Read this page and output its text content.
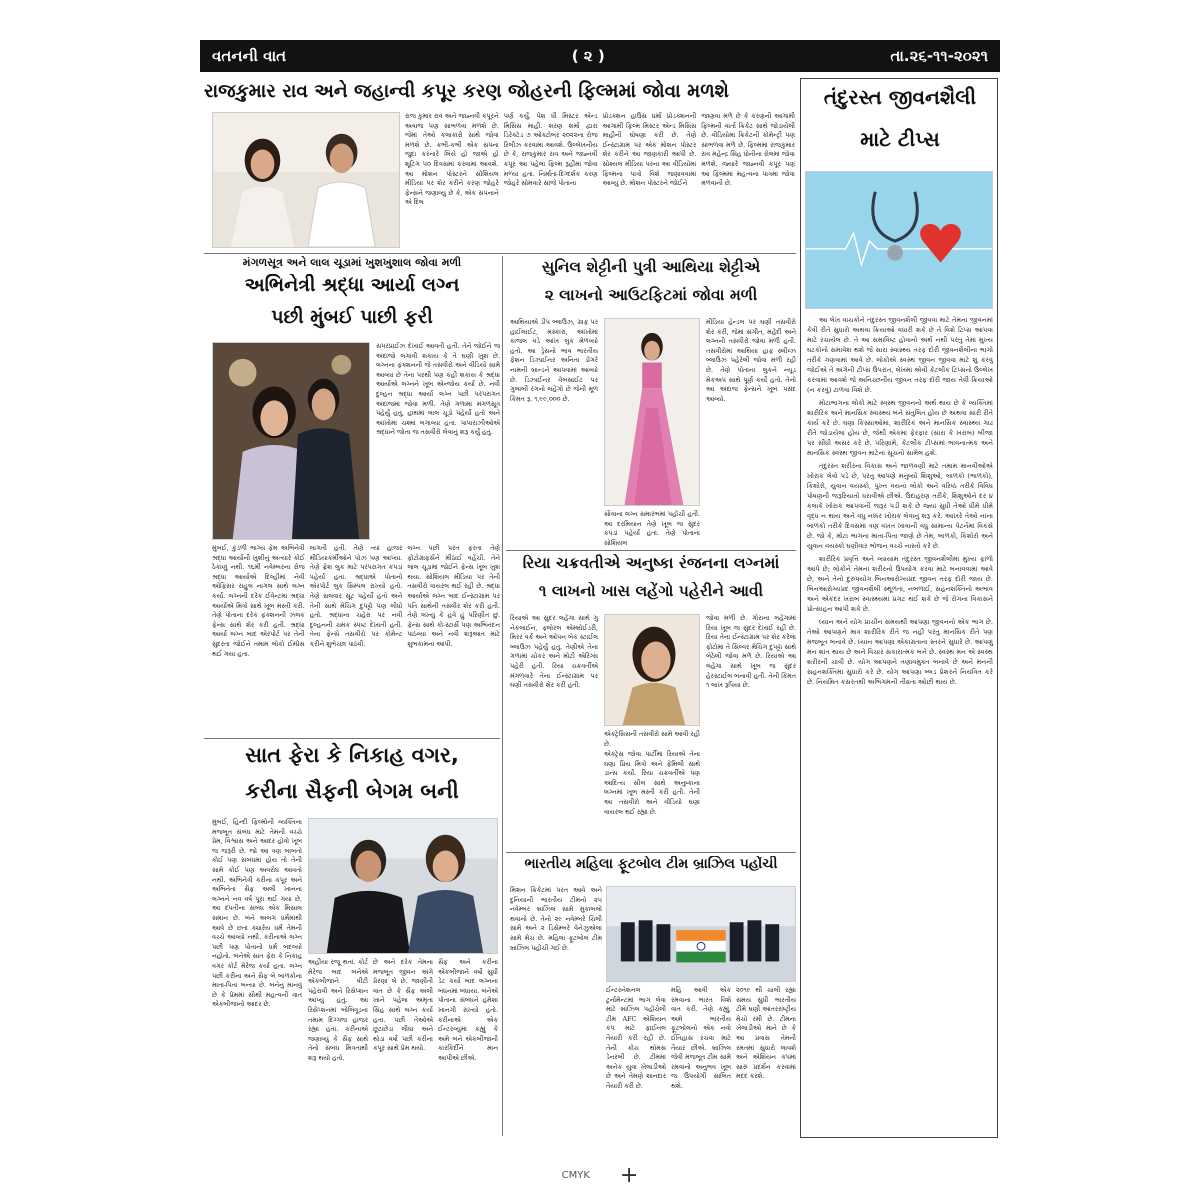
વતનની વાત	( ૨ )	તા.૨૬-૧૧-૨૦૨૧
રાજકુમાર રાવ અને જહાન્વી કપૂર કરણ જોહરની ફિલ્મમાં જોવા મળશે
રાજ કુમાર રાવ અને જાહ્નવી કપૂરને અવાજ પણ સાંભળવા મળશે છે. જેમાં તેઓ કલાકારો સાથે જોવા મળશે છે. કભી-કભી એક સપના જુદા કરનારે લિયે હો જાએ હો શૂટિંગ ૫૦ દિવસમાં કરવામાં આવશે. આ મોશન પોસ્ટરને સોશિયલ મીડિયા પર શેર કરીને કરણ જોહરે ફેન્સને જણાવ્યું છે કે, એક સપનાને એ દિલ
પર્ણ કર્યું. પેશ ધી મિસ્ટર એન્ડ મિસિસ માહી. શરણ શર્મા દ્વારા ડિરેક્ટેડ ૭ ઓક્ટોબર ૨૦૨૨ના રોજ રિલીઝ કરવામાં આવશે. ઉલ્લેખનીય છે કે, રાજકુમાર રાવ અને જાહ્નવી કપૂર આ પહેલા ફિલ્મ રૂહીમાં જોવા મળ્યા હતા. નિર્માતા-દિગ્દર્શક કરણ જોહરે સોમવારે સાંજે પોતાના
પ્રોડક્શન હાઉસ ધર્મા પ્રોડક્શનની આગામી ફિલ્મ મિસ્ટર એન્ડ મિસિસ માહીની ઘોષણા કરી છે. તેણે ઈન્સ્ટાગ્રામ પર એક મોશન પોસ્ટર શેર કરીને આ જાણકારી આપી છે. સોશ્યલ મીડિયા પરના આ વીડિયોમાં ફિલ્મના પાત્રો વિશે જણાવવામાં આવ્યું છે. મોશન પોસ્ટરને જોઈને
જાણવા મળે છે કે કરણની આગામી ફિલ્મની વાર્તા ક્રિકેટ સાથે જોડાયેલી છે. વીડિયોમાં ક્રિકેટની કોમેન્ટ્રી પણ સાંભળવા મળે છે. ફિલ્મમાં રાજકુમાર રાવ મહેન્દ્ર સિંહ ધોનીના રોલમાં જોવા મળશે. જ્યારે જાહ્નવી કપૂર પણ આ ફિલ્મમાં મહત્વના પાત્રમાં જોવા મળવાની છે.
મંગળસૂત્ર અને લાલ ચૂડામાં ખુશખુશાલ જોવા મળી
અભિનેત્રી શ્રદ્ધા આર્યા લગ્ન
પછી મુંબઈ પાછી ફરી
સપરપ્રાઈઝ દેખાઈ આવતી હતી. તેને જોઈને જ અંદાજો લગાવી શકાય કે તે ઘણી ખુશ છે. લગ્નના ફંક્શનની જે તસવીરો અને વીડિયો સામે આવ્યા છે તેના પરથી પણ કહી શકાય કે શ્રદ્ધા આર્યાએ લગ્નને ખૂબ એન્જોય કર્યા છે. નવી દુલ્હન શ્રદ્ધા આર્યા લગ્ન પછી પરંપરાગત અંદાજમાં જોવા મળી. તેણે ગળામાં મંગળસૂત્ર પહેર્યું હતું, હાથમાં લાલ ચૂડો પહેર્યો હતો અને આંખોમાં ચશ્માં લગાવ્યા હતા. પાપારાઝીઓએ શ્રદ્ધાને જોતા જ તસવીરો લેવાનું શરૂ કર્યું હતું.
મુંબઈ, કુંડળી ભાગ્ય ફેમ અભિનેત્રી શ્રદ્ધા આર્યાની ખુશીનું અત્યારે કોઈ ઠેકાણું નથી. ૧૬મી નવેમ્બરના રોજ શ્રદ્ધા આર્યાએ દિલ્હીમાં નેવી ઓફિસર રાહુલ નાગલ સાથે લગ્ન કર્યા. લગ્નની દરેક ઈવેન્ટમાં શ્રદ્ધા આર્યાએ મિત્રો સાથે ખૂબ મસ્તી કરી. તેણે પોતાના દરેક ફંક્શનની ઝલક ફેન્સ સાથે શેર કરી હતી. શ્રદ્ધા આર્યા લગ્ન બાદ એરપોર્ટ પર તેની સુંદરતા જોઈને તમામ લોકો ઈમ્પ્રેસ થઈ ગયા હતા.
લાગતી હતી. તેણે ત્યાં હાજર મીડિયાકર્મીઓને પોઝ પણ આપ્યા. તેણે ફ્રેશ લુક માટે પરંપરાગત કપડા પહેર્યા હતા. શ્રદ્ધાએ પોતાનો એરપોર્ટ લુક સિમ્પલ રાખ્યો હતો. તેણે સલવાર સૂટ પહેર્યો હતો અને તેની સાથે મેચિંગ દુપટ્ટો પણ લીધો હતો. શ્રદ્ધાના ચહેરા પર નવી દુલ્હનની ચમક સ્પષ્ટ દેખાતી હતી. તેના ફેન્સે તસવીરો પર કોમેન્ટ કરીને શુભેચ્છા પાઠવી.
લગ્ન પછી પરત ફરતા તેણે ફોટોગ્રાફર્સને મીઠાઈ વહેંચી. તેને લાલ ચૂડામાં જોઈને ફેન્સ ખૂબ ખુશ થયા. સોશિયલ મીડિયા પર તેની તસવીરો વાયરલ થઈ રહી છે. શ્રદ્ધા આર્યાએ લગ્ન બાદ ઈન્સ્ટાગ્રામ પર પતિ સાથેની તસવીર શેર કરી હતી. તેણે લખ્યું કે હવે હું પરિણીત છું. ફેન્સ સાથે કો-સ્ટાર્સે પણ અભિનંદન પાઠવ્યા અને નવી શરૂઆત માટે શુભકામના આપી.
સાત ફેરા કે નિકાહ વગર,
કરીના સૈફની બેગમ બની
મુંબઈ, હિન્દી ફિલ્મોની વ્યક્તિના મજબૂત સંબંધ માટે તેમની વચ્ચે પ્રેમ, વિશ્વાસ અને આદર હોવો ખૂબ જ જરૂરી છે. જો આ ત્રણ બાબતો કોઈ પણ સંબંધમાં હોય તો તેની સામે કોઈ પણ અવરોધ આવતો નથી. અભિનેત્રી કરીના કપૂર અને અભિનેતા સૈફ અલી ખાનના લગ્નને નવ વર્ષ પૂરા થઈ ગયા છે. આ દંપતીના સંબંધ એક મિસાલ સમાન છે. બંને અલગ ધર્મમાંથી આવે છે છતાં ક્યારેય ધર્મ તેમની વચ્ચે આવ્યો નથી. કરીનાએ લગ્ન પછી પણ પોતાનો ધર્મ બદલ્યો નહોતો. બંનેએ સાત ફેરા કે નિકાહ વગર કોર્ટ મેરેજ કર્યા હતા. લગ્ન પછી કરીના અને સૈફ બે બાળકોના માતા-પિતા બન્યા છે. બંનેનું માનવું છે કે પ્રેમમાં સૌથી મહત્વની વાત એકબીજાનો આદર છે.
અહીંયા રજૂ થતાં. કોર્ટ મેરેજ બાદ બંનેએ એકબીજાને વીંટી પહેરાવી અને રિસેપ્શન આપ્યું હતું. આ રિસેપ્શનમાં બોલિવૂડના તમામ દિગ્ગજ હાજર રહ્યા હતા. કરીનાએ જણાવ્યું કે સૈફ સાથે તેનો સંબંધ મિત્રતાથી શરૂ થયો હતો.
છે અને દરેક તેમના મજબૂત જીવન અંગે પ્રેરણા લે છે. જાણીતી વાત છે કે સૈફ અલી ખાને પહેલા અમૃતા સિંહ સાથે લગ્ન કર્યા હતા. પછી તેઓએ છૂટાછેડા લીધા અને થોડા વર્ષો પછી કરીના કપૂર સાથે પ્રેમ થયો.
સૈફ અને કરીના એકબીજાને વર્ષો સુધી ડેટ કર્યા બાદ લગ્નના બંધનમાં બંધાયા. બંનેએ પોતાના સંબંધને હંમેશા ખાનગી રાખ્યો હતો. કરીનાએ એક ઈન્ટરવ્યુમાં કહ્યું કે અમે બંને એકબીજાની કારકિર્દીને માન આપીએ છીએ.
સુનિલ શેટ્ટીની પુત્રી આથિયા શેટ્ટીએ
૨ લાખનો આઉટફિટમાં જોવા મળી
આથિયાએ ડીપ બ્લાઉઝ, ગ્રાફ પર હાઈલાઈટ, મસ્કારા, આંખોમાં કાજલ વડે આંખ લુક મેળવ્યો હતો. આ ડ્રેસનો ભાવ ભારતીય ફેશન ડિઝાઈનર અનિતા ડોંગરે નામની બ્રાન્ડને આપવામાં આવ્યો છે. ડિઝાઈનર વેબસાઈટ પર ગુલાબી રંગનો લહેંગો છે જેની મૂળ કિંમત રૂ. ૧,૯૯,૦૦૦ છે.
સૌવાના લગ્ન સમારંભમાં પહોંચી હતી. આ દરમિયાન તેણે ખૂબ જ સુંદર કપડાં પહેર્યાં હતાં. તેણે પોતાના સોશિયલ
મીડિયા હેન્ડલ પર ઘણી તસવીરો શેર કરી, જેમાં સંગીત, મહેંદી અને લગ્નની તસવીરો જોવા મળી હતી. તસવીરોમાં આથિયા હાફ સ્લીવ્ઝ બ્લાઉઝ પહેરેલી જોવા મળી રહી છે. તેણે પોતાના લુકને ન્યૂડ મેકઅપ સાથે પૂર્ણ કર્યો હતો. તેનો આ અંદાજ ફેન્સને ખૂબ પસંદ આવ્યો.
રિયા ચક્રવતીએ અનુષ્કા રંજનના લગ્નમાં
૧ લાખનો ખાસ લહેંગો પહેરીને આવી
રિયાએ આ સુંદર લહેંગા સાથે ગુ નેકલાઈન, ફ્લોરલ એમ્બ્રોઈડરી, મિરર વર્ક અને ઓપન બેક સ્ટાઈલ બ્લાઉઝ પહેર્યું હતું. તેણીએ તેના ગળામાં ચોકર અને મોટી એરિંગ્સ પહેરી હતી. રિયા ચક્રવર્તીએ મંગળવારે તેના ઈન્સ્ટાગ્રામ પર ઘણી તસવીરો શેર કરી હતી.
એક્ટ્રેસિસની તસવીરો સામે આવી રહી છે.
એક્ટ્રેસ જોવા પાર્ટીમાં રિયાએ તેના ઘણા પ્રિય મિત્રો અને ફેમિલી સાથે ડાન્સ કર્યો. રિયા ચક્રવર્તીએ પણ આદિત્ય સીલ સાથે અનુષ્કાના લગ્નમાં ખૂબ મસ્તી કરી હતી. તેની આ તસવીરો અને વીડિયો ઘણા વાયરલ થઈ રહ્યા છે.
જોવા મળી છે. ગોરાના લહેંગામાં રિયા ખૂબ જ સુંદર દેખાઈ રહી છે. રિયા તેના ઈન્સ્ટાગ્રામ પર શેર કરેલા ફોટોમાં તે સિલ્વર મેચિંગ દુપટ્ટા સાથે બેઠેલી જોવા મળે છે. રિયાએ આ લહેંગા સાથે ખૂબ જ સુંદર હેરસ્ટાઈલ બનાવી હતી. તેની કિંમત ૧ લાખ રૂપિયા છે.
ભારતીય મહિલા ફૂટબોલ ટીમ બ્રાઝિલ પહોંચી
મિશન ક્રિકેટમાં પરત આવે અને દુનિયાની ભારતીય ટીમનો ૨૫ નવેમ્બર બ્રાઝિલ સામે મુકાબલો થવાનો છે. તેનો ૨૯ નવેમ્બરે ચિલી સામે અને ૨ ડિસેમ્બરે વેનેઝુએલા સામે મેચ છે. મહિલા ફૂટબોલ ટીમ બ્રાઝિલ પહોંચી ગઈ છે.
ઈન્ટરનેશનલ ટુર્નામેન્ટમાં ભાગ લેવા માટે બ્રાઝિલ પહોંચેલી ટીમ AFC એશિયન કપ માટે ફાઈનલ તૈયારી કરી રહી છે. તેની કોચ થોમસ ડેનરબી છે. ટીમમાં અનેક યુવા ખેલાડીઓ છે અને તેમણે શાનદાર તૈયારી કરી છે.
મહિ આવી એક રમવાના ભારત વિશે વાત કરી. તેણે કહ્યું, અમે ભારતીય ફૂટબોલનો એક નવો ઈતિહાસ રચવા માટે તૈયાર છીએ. બ્રાઝિલ જેવી મજબૂત ટીમ સામે રમવાનો અનુભવ ખૂબ જ ઉપયોગી સાબિત થશે.
૨૦૧૯ થી ચાલી રહ્યા સમય સુધી ભારતીય ટીમે ઘણી આંતરરાષ્ટ્રીય મેચો રમી છે. ટીમના ખેલાડીઓ માને છે કે આ પ્રવાસ તેમની રમતમાં સુધારો લાવશે અને એશિયન કપમાં સારું પ્રદર્શન કરવામાં મદદ કરશે.
તંદુરસ્ત જીવનશૈલી
માટે ટીપ્સ

આ લેખ વાચકોને તંદુરસ્ત જીવનશૈલી જીવવા માટે તેમના જીવનમાં કેવી રીતે સુધારો અથવા ક્રિયાઓ વધારી શકે છે તે વિશે ટિપ્સ આપવા માટે રચાયેલ છે. તે આ સમાવિષ્ટ હોવાનો અર્થ નથી પરંતુ તેમાં મુખ્ય ઘટકોનો સમાવેશ થશે જે સારા સ્વાસ્થ્ય તરફ દોરી જીવનશૈલીના ભાગો તરીકે ગણવામાં આવે છે. લોકોએ સ્વસ્થ જીવન જીવવા માટે શું કરવું જોઈએ તે અંગેની ટીપ્સ ઉપરાંત, લેખમાં એવી કેટલીક ટિપ્સનો ઉલ્લેખ કરવામાં આવશે જે અનિચ્છનીય જીવન તરફ દોરી જાય તેવી ક્રિયાઓ (ન કરવું) ટાળવા વિશે છે.

મોટાભાગના લોકો માટે સ્વસ્થ જીવનનો અર્થ થાય છે કે વ્યક્તિમાં શારીરિક અને માનસિક સ્વાસ્થ્ય બંને સંતુલિત હોય છે અથવા સારી રીતે કાર્ય કરે છે. ઘણા કિસ્સાઓમાં, શારીરિક અને માનસિક સ્વાસ્થ્ય ગાઢ રીતે જોડાયેલા હોય છે, જેથી એકમાં ફેરફાર (સારા કે ખરાબ) બીજા પર સીધી અસર કરે છે. પરિણામે, કેટલીક ટીપ્સમાં ભાવનાત્મક અને માનસિક સ્વસ્થ જીવન માટેના સૂચનો સામેલ હશે.

તંદુરસ્ત શરીરના વિકાસ અને જાળવણી માટે તમામ માનવીઓએ ખોરાક લેવો પડે છે, પરંતુ આપણે મનુષ્યો શિશુઓ, બાળકો (ભાળકો), કિશોરો, યુવાન વયસ્કો, પુખ્ત વયના લોકો અને વરિષ્ઠ તરીકે વિવિધ પોષણની જરૂરિયાતો ધરાવીએ છીએ. ઉદાહરણ તરીકે, શિશુઓને દર ૪ કલાકે ખોરાક આપવાની જરૂર પડી શકે છે જ્યાં સુધી તેઓ ધીમે ધીમે વૃદ્ધ ન થાય અને વધુ નક્કર ખોરાક લેવાનું શરૂ કરે. આખરે તેઓ નાના બાળકો તરીકે દિવસમાં ત્રણ વખત ખાવાની વધુ સામાન્ય પેટર્નમાં વિકસે છે. જો કે, મોટા ભાગના માતા-પિતા જાણે છે તેમ, બાળકો, કિશોરો અને યુવાન વયસ્કો ઘણીવાર ભોજન વચ્ચે નાસ્તો કરે છે.

શારીરિક પ્રવૃત્તિ અને વ્યાયામ તંદુરસ્ત જીવનશૈલીમાં મુખ્ય ફાળો આપે છે; લોકોને તેમના શરીરનો ઉપયોગ કરવા માટે બનાવવામાં આવે છે, અને તેનો દુરુપયોગ બિનઆરોગ્યપ્રદ જીવન તરફ દોરી જાય છે. બિનઆરોગ્યપ્રદ જીવનશૈલી સ્થૂળતા, નબળાઈ, સહનશક્તિનો અભાવ અને એકંદર ખરાબ સ્વાસ્થ્યમાં પ્રગટ થઈ શકે છે જે રોગના વિકાસને પ્રોત્સાહન આપી શકે છે.

ધ્યાન અને યોગ પ્રાચીન સમયથી આપણા જીવનનો એક ભાગ છે. તેઓ આપણને માત્ર શારીરિક રીતે જ નહીં પરંતુ માનસિક રીતે પણ મજબૂત બનાવે છે. ધ્યાન આપણા એકાગ્રતાના સ્તરને સુધારે છે. આપણું મન શાંત થાય છે અને વિચાર સકારાત્મક બને છે. સ્વસ્થ મન એ સ્વસ્થ શરીરની ચાવી છે. યોગ આપણને તણાવમુક્ત બનાવે છે અને મનની સહનશક્તિમાં સુધારો કરે છે. યોગ આપણા બ્લડ પ્રેશરને નિયંત્રિત કરે છે. નિયમિત કસરતથી અભિગમની તીવ્રતા ઓછી થાય છે.

CMYK +
